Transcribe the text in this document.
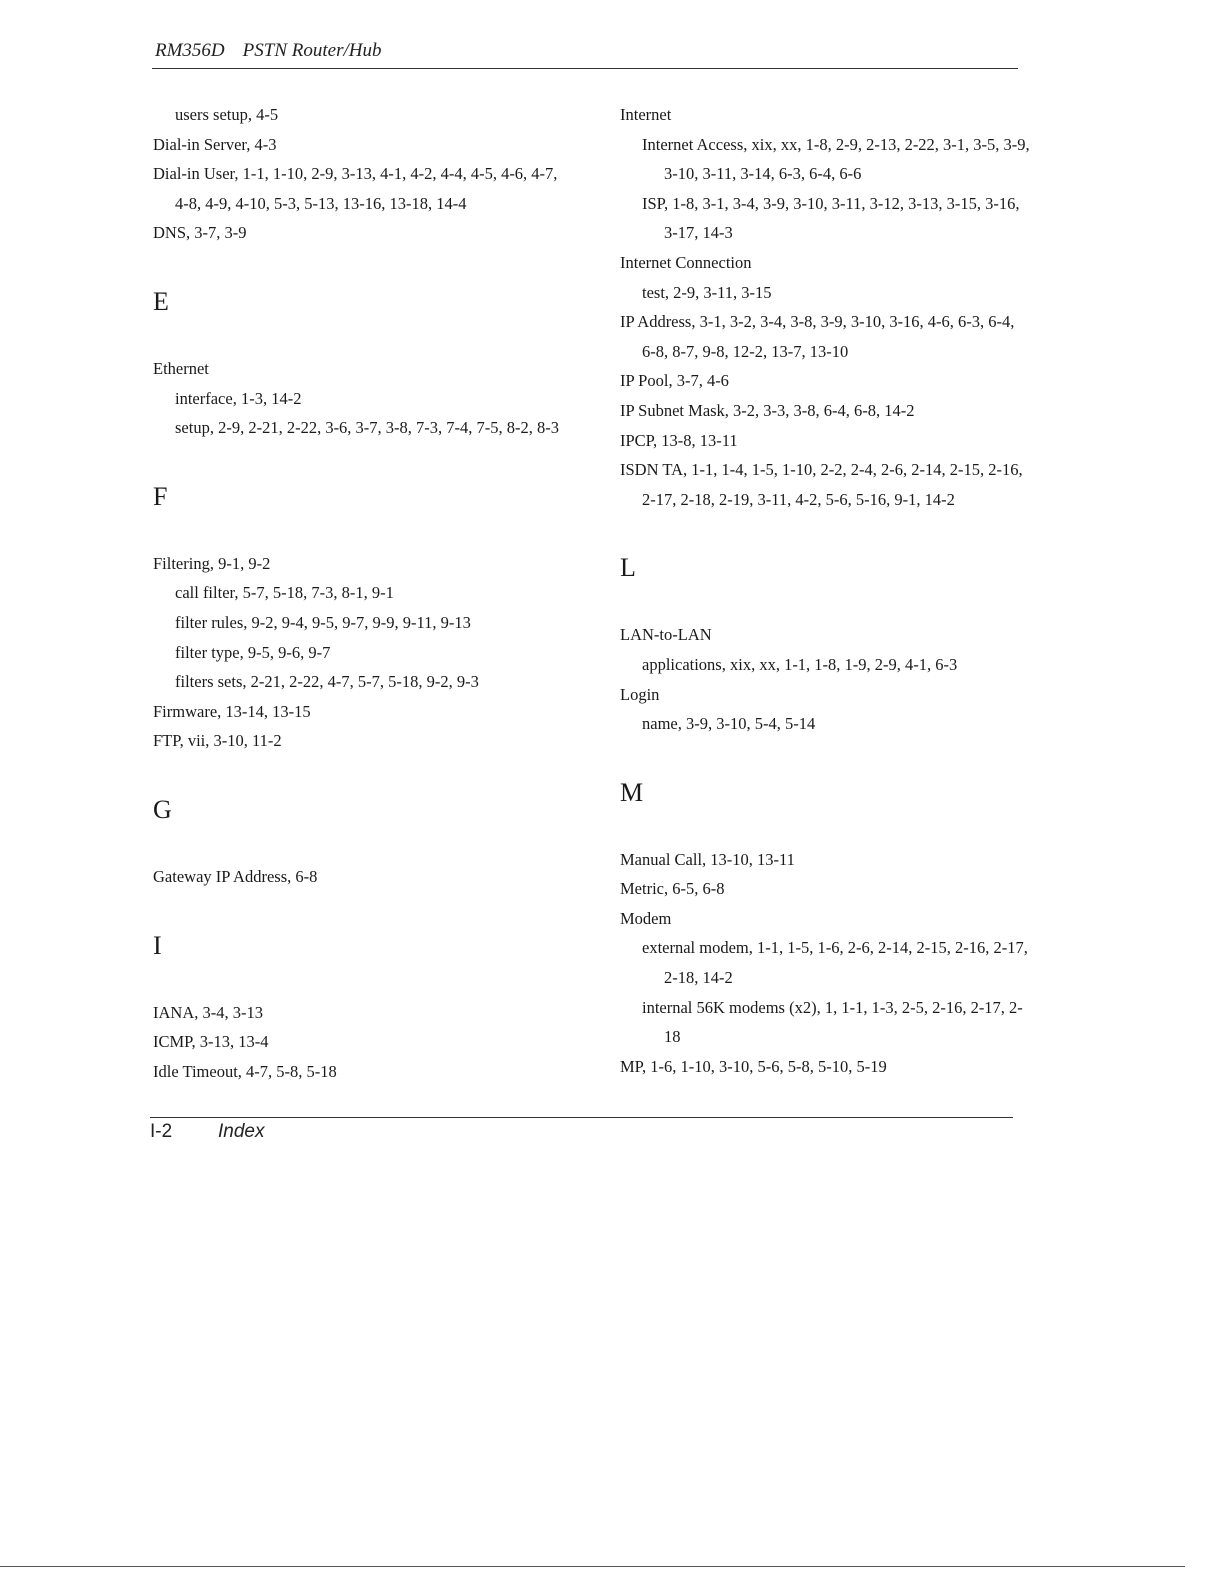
RM356D PSTN Router/Hub

users setup, 4-5

Dial-in Server, 4-3

Dial-in User, 1-1, 1-10, 2-9, 3-13, 4-1, 4-2, 4-4, 4-5, 4-6, 4-7, 4-8, 4-9, 4-10, 5-3, 5-13, 13-16, 13-18, 14-4

DNS, 3-7, 3-9

E

Ethernet

interface, 1-3, 14-2

setup, 2-9, 2-21, 2-22, 3-6, 3-7, 3-8, 7-3, 7-4, 7-5, 8-2, 8-3

F

Filtering, 9-1, 9-2

call filter, 5-7, 5-18, 7-3, 8-1, 9-1

filter rules, 9-2, 9-4, 9-5, 9-7, 9-9, 9-11, 9-13

filter type, 9-5, 9-6, 9-7

filters sets, 2-21, 2-22, 4-7, 5-7, 5-18, 9-2, 9-3

Firmware, 13-14, 13-15

FTP, vii, 3-10, 11-2

G

Gateway IP Address, 6-8

I

IANA, 3-4, 3-13

ICMP, 3-13, 13-4

Idle Timeout, 4-7, 5-8, 5-18

Internet

Internet Access, xix, xx, 1-8, 2-9, 2-13, 2-22, 3-1, 3-5, 3-9, 3-10, 3-11, 3-14, 6-3, 6-4, 6-6

ISP, 1-8, 3-1, 3-4, 3-9, 3-10, 3-11, 3-12, 3-13, 3-15, 3-16, 3-17, 14-3

Internet Connection

test, 2-9, 3-11, 3-15

IP Address, 3-1, 3-2, 3-4, 3-8, 3-9, 3-10, 3-16, 4-6, 6-3, 6-4, 6-8, 8-7, 9-8, 12-2, 13-7, 13-10

IP Pool, 3-7, 4-6

IP Subnet Mask, 3-2, 3-3, 3-8, 6-4, 6-8, 14-2

IPCP, 13-8, 13-11

ISDN TA, 1-1, 1-4, 1-5, 1-10, 2-2, 2-4, 2-6, 2-14, 2-15, 2-16, 2-17, 2-18, 2-19, 3-11, 4-2, 5-6, 5-16, 9-1, 14-2

L

LAN-to-LAN

applications, xix, xx, 1-1, 1-8, 1-9, 2-9, 4-1, 6-3

Login

name, 3-9, 3-10, 5-4, 5-14

M

Manual Call, 13-10, 13-11

Metric, 6-5, 6-8

Modem

external modem, 1-1, 1-5, 1-6, 2-6, 2-14, 2-15, 2-16, 2-17, 2-18, 14-2

internal 56K modems (x2), 1, 1-1, 1-3, 2-5, 2-16, 2-17, 2-18

MP, 1-6, 1-10, 3-10, 5-6, 5-8, 5-10, 5-19

I-2 Index
